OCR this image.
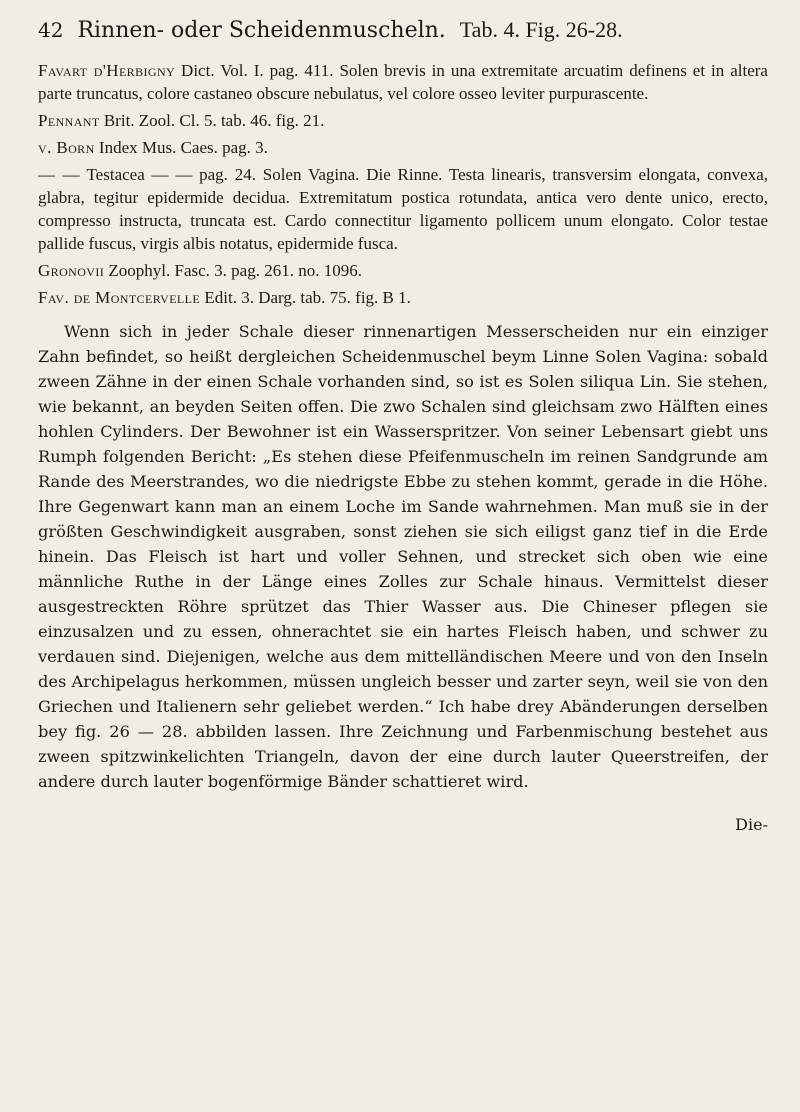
42 Rinnen- oder Scheidenmuscheln. Tab. 4. Fig. 26-28.

Favart d'Herbigny Dict. Vol. I. pag. 411. Solen brevis in una extremitate arcuatim definens et in altera parte truncatus, colore castaneo obscure nebulatus, vel colore osseo leviter purpurascente.

Pennant Brit. Zool. Cl. 5. tab. 46. fig. 21.

v. Born Index Mus. Caes. pag. 3.

— — Testacea — — pag. 24. Solen Vagina. Die Rinne. Testa linearis, transversim elongata, convexa, glabra, tegitur epidermide decidua. Extremitatum postica rotundata, antica vero dente unico, erecto, compresso instructa, truncata est. Cardo connectitur ligamento pollicem unum elongato. Color testae pallide fuscus, virgis albis notatus, epidermide fusca.

Gronovii Zoophyl. Fasc. 3. pag. 261. no. 1096.

Fav. de Montcervelle Edit. 3. Darg. tab. 75. fig. B 1.

Wenn sich in jeder Schale dieser rinnenartigen Messerscheiden nur ein einziger Zahn befindet, so heißt dergleichen Scheidenmuschel beym Linne Solen Vagina: sobald zween Zähne in der einen Schale vorhanden sind, so ist es Solen siliqua Lin. Sie stehen, wie bekannt, an beyden Seiten offen. Die zwo Schalen sind gleichsam zwo Hälften eines hohlen Cylinders. Der Bewohner ist ein Wasserspritzer. Von seiner Lebensart giebt uns Rumph folgenden Bericht: „Es stehen diese Pfeifenmuscheln im reinen Sandgrunde am Rande des Meerstrandes, wo die niedrigste Ebbe zu stehen kommt, gerade in die Höhe. Ihre Gegenwart kann man an einem Loche im Sande wahrnehmen. Man muß sie in der größten Geschwindigkeit ausgraben, sonst ziehen sie sich eiligst ganz tief in die Erde hinein. Das Fleisch ist hart und voller Sehnen, und strecket sich oben wie eine männliche Ruthe in der Länge eines Zolles zur Schale hinaus. Vermittelst dieser ausgestreckten Röhre sprützet das Thier Wasser aus. Die Chineser pflegen sie einzusalzen und zu essen, ohnerachtet sie ein hartes Fleisch haben, und schwer zu verdauen sind. Diejenigen, welche aus dem mittelländischen Meere und von den Inseln des Archipelagus herkommen, müssen ungleich besser und zarter seyn, weil sie von den Griechen und Italienern sehr geliebet werden.“ Ich habe drey Abänderungen derselben bey fig. 26 — 28. abbilden lassen. Ihre Zeichnung und Farbenmischung bestehet aus zween spitzwinkelichten Triangeln, davon der eine durch lauter Queerstreifen, der andere durch lauter bogenförmige Bänder schattieret wird.

Die-
